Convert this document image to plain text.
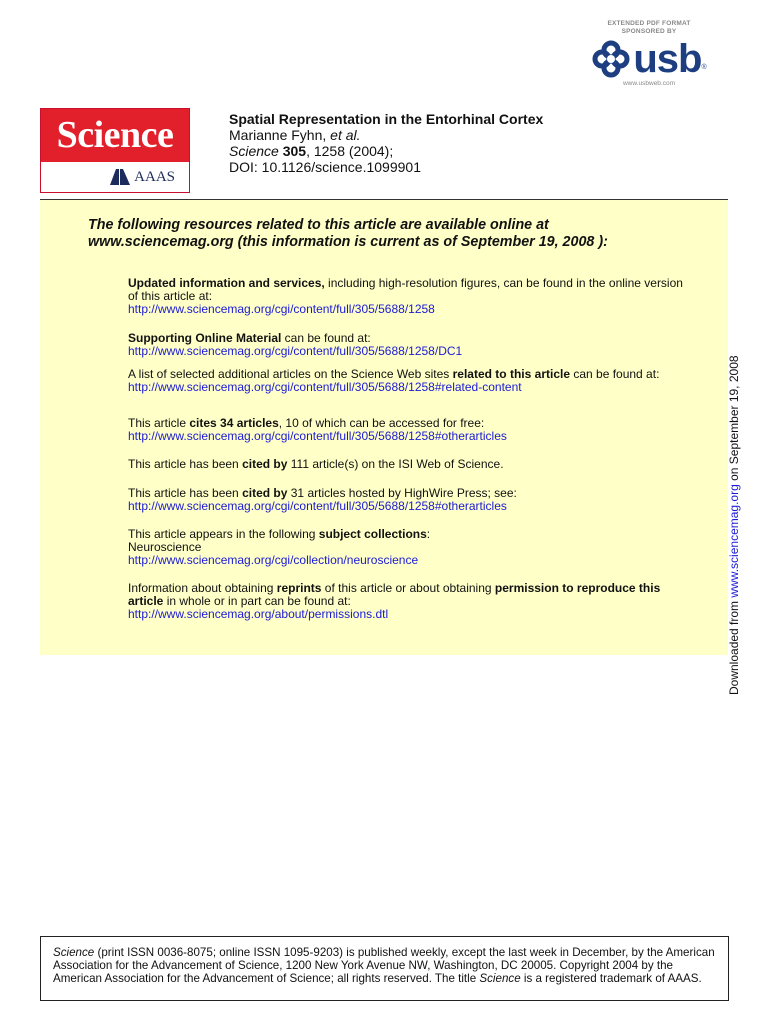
EXTENDED PDF FORMAT
SPONSORED BY
usb ®
www.usbweb.com
Science
AAAS
Spatial Representation in the Entorhinal Cortex
Marianne Fyhn, et al.
Science 305, 1258 (2004);
DOI: 10.1126/science.1099901
The following resources related to this article are available online at
www.sciencemag.org (this information is current as of September 19, 2008 ):
Updated information and services, including high-resolution figures, can be found in the online version of this article at:
http://www.sciencemag.org/cgi/content/full/305/5688/1258
Supporting Online Material can be found at:
http://www.sciencemag.org/cgi/content/full/305/5688/1258/DC1
A list of selected additional articles on the Science Web sites related to this article can be found at:
http://www.sciencemag.org/cgi/content/full/305/5688/1258#related-content
This article cites 34 articles, 10 of which can be accessed for free:
http://www.sciencemag.org/cgi/content/full/305/5688/1258#otherarticles
This article has been cited by 111 article(s) on the ISI Web of Science.
This article has been cited by 31 articles hosted by HighWire Press; see:
http://www.sciencemag.org/cgi/content/full/305/5688/1258#otherarticles
This article appears in the following subject collections:
Neuroscience
http://www.sciencemag.org/cgi/collection/neuroscience
Information about obtaining reprints of this article or about obtaining permission to reproduce this article in whole or in part can be found at:
http://www.sciencemag.org/about/permissions.dtl	Downloaded from www.sciencemag.org on September 19, 2008
Science (print ISSN 0036-8075; online ISSN 1095-9203) is published weekly, except the last week in December, by the American Association for the Advancement of Science, 1200 New York Avenue NW, Washington, DC 20005. Copyright 2004 by the American Association for the Advancement of Science; all rights reserved. The title Science is a registered trademark of AAAS.
